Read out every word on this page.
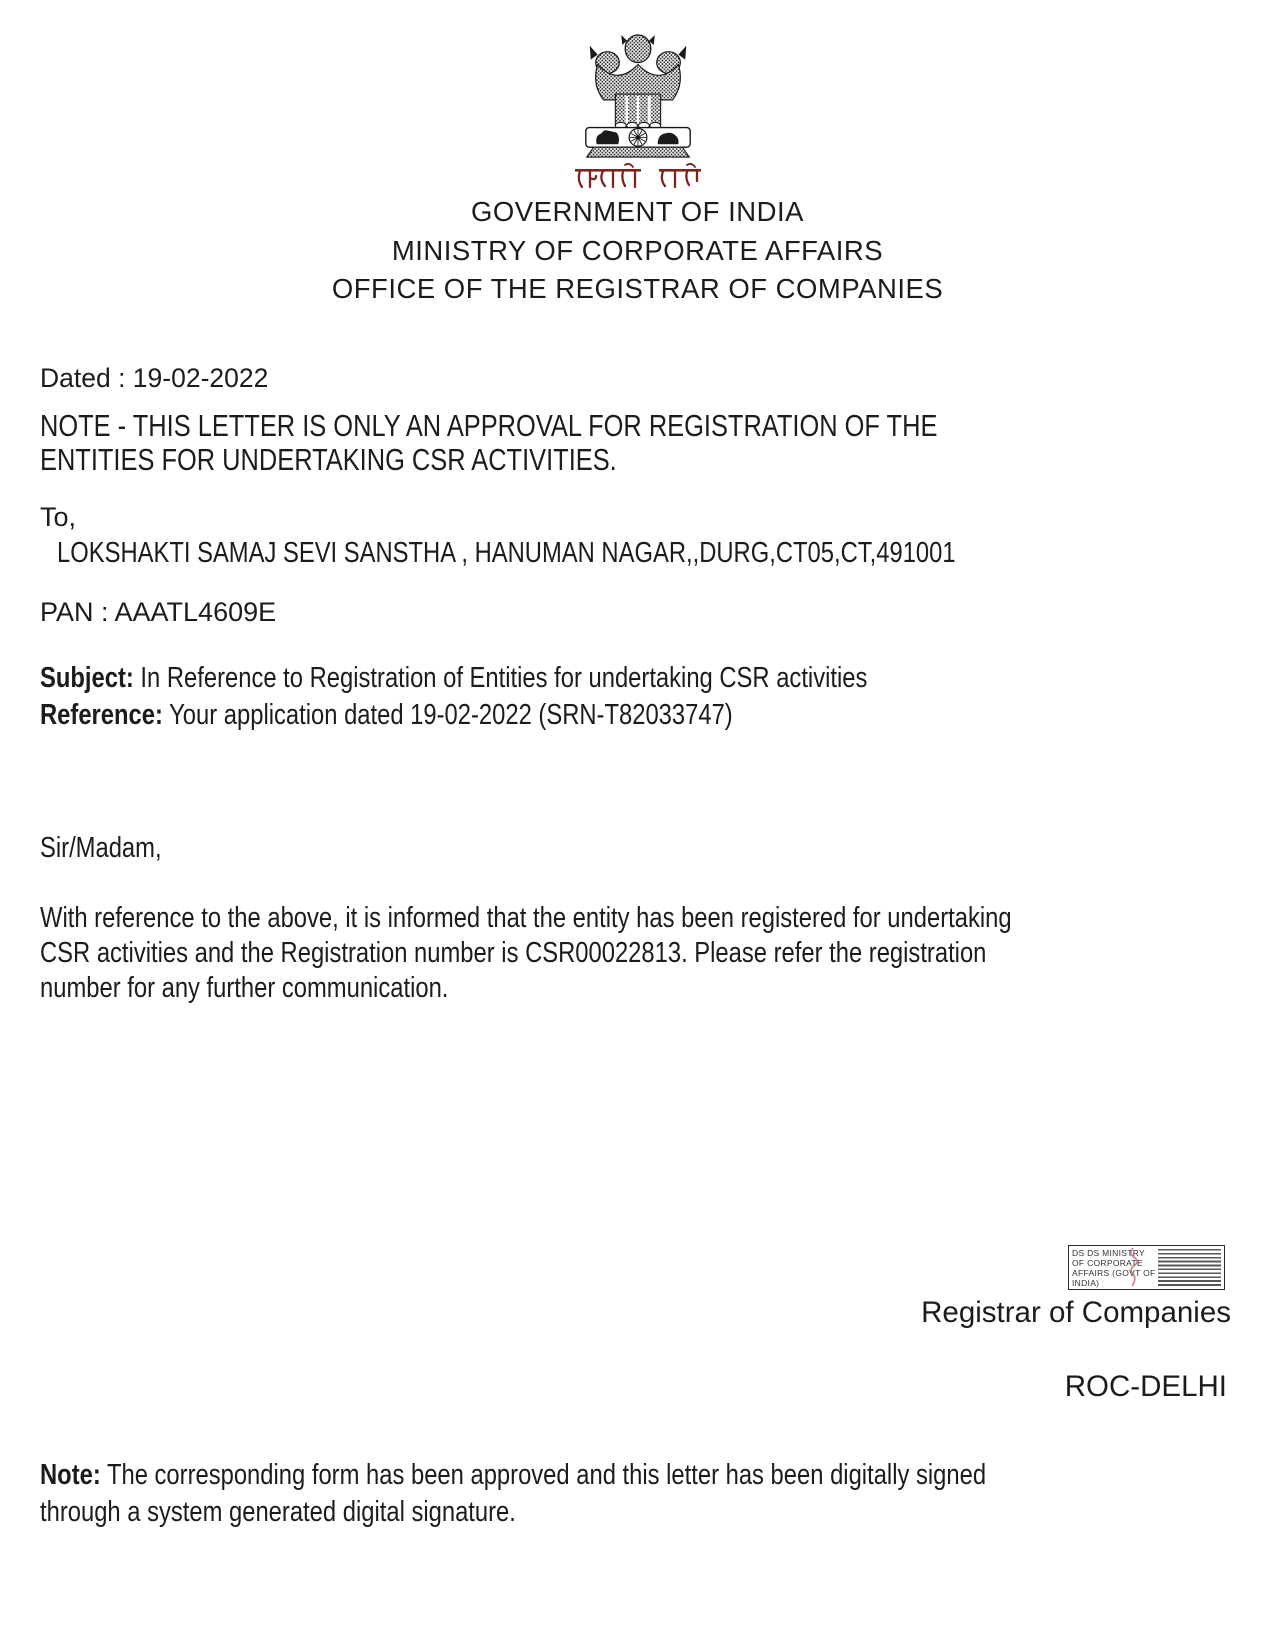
GOVERNMENT OF INDIA
MINISTRY OF CORPORATE AFFAIRS
OFFICE OF THE REGISTRAR OF COMPANIES
Dated : 19-02-2022
NOTE - THIS LETTER IS ONLY AN APPROVAL FOR REGISTRATION OF THE
ENTITIES FOR UNDERTAKING CSR ACTIVITIES.
To,
LOKSHAKTI SAMAJ SEVI SANSTHA , HANUMAN NAGAR,,DURG,CT05,CT,491001
PAN : AAATL4609E
Subject: In Reference to Registration of Entities for undertaking CSR activities
Reference: Your application dated 19-02-2022 (SRN-T82033747)
Sir/Madam,
With reference to the above, it is informed that the entity has been registered for undertaking
CSR activities and the Registration number is CSR00022813. Please refer the registration
number for any further communication.
DS DS MINISTRY OF CORPORATE AFFAIRS (GOVT OF INDIA)
Registrar of Companies
ROC-DELHI
Note: The corresponding form has been approved and this letter has been digitally signed
through a system generated digital signature.
